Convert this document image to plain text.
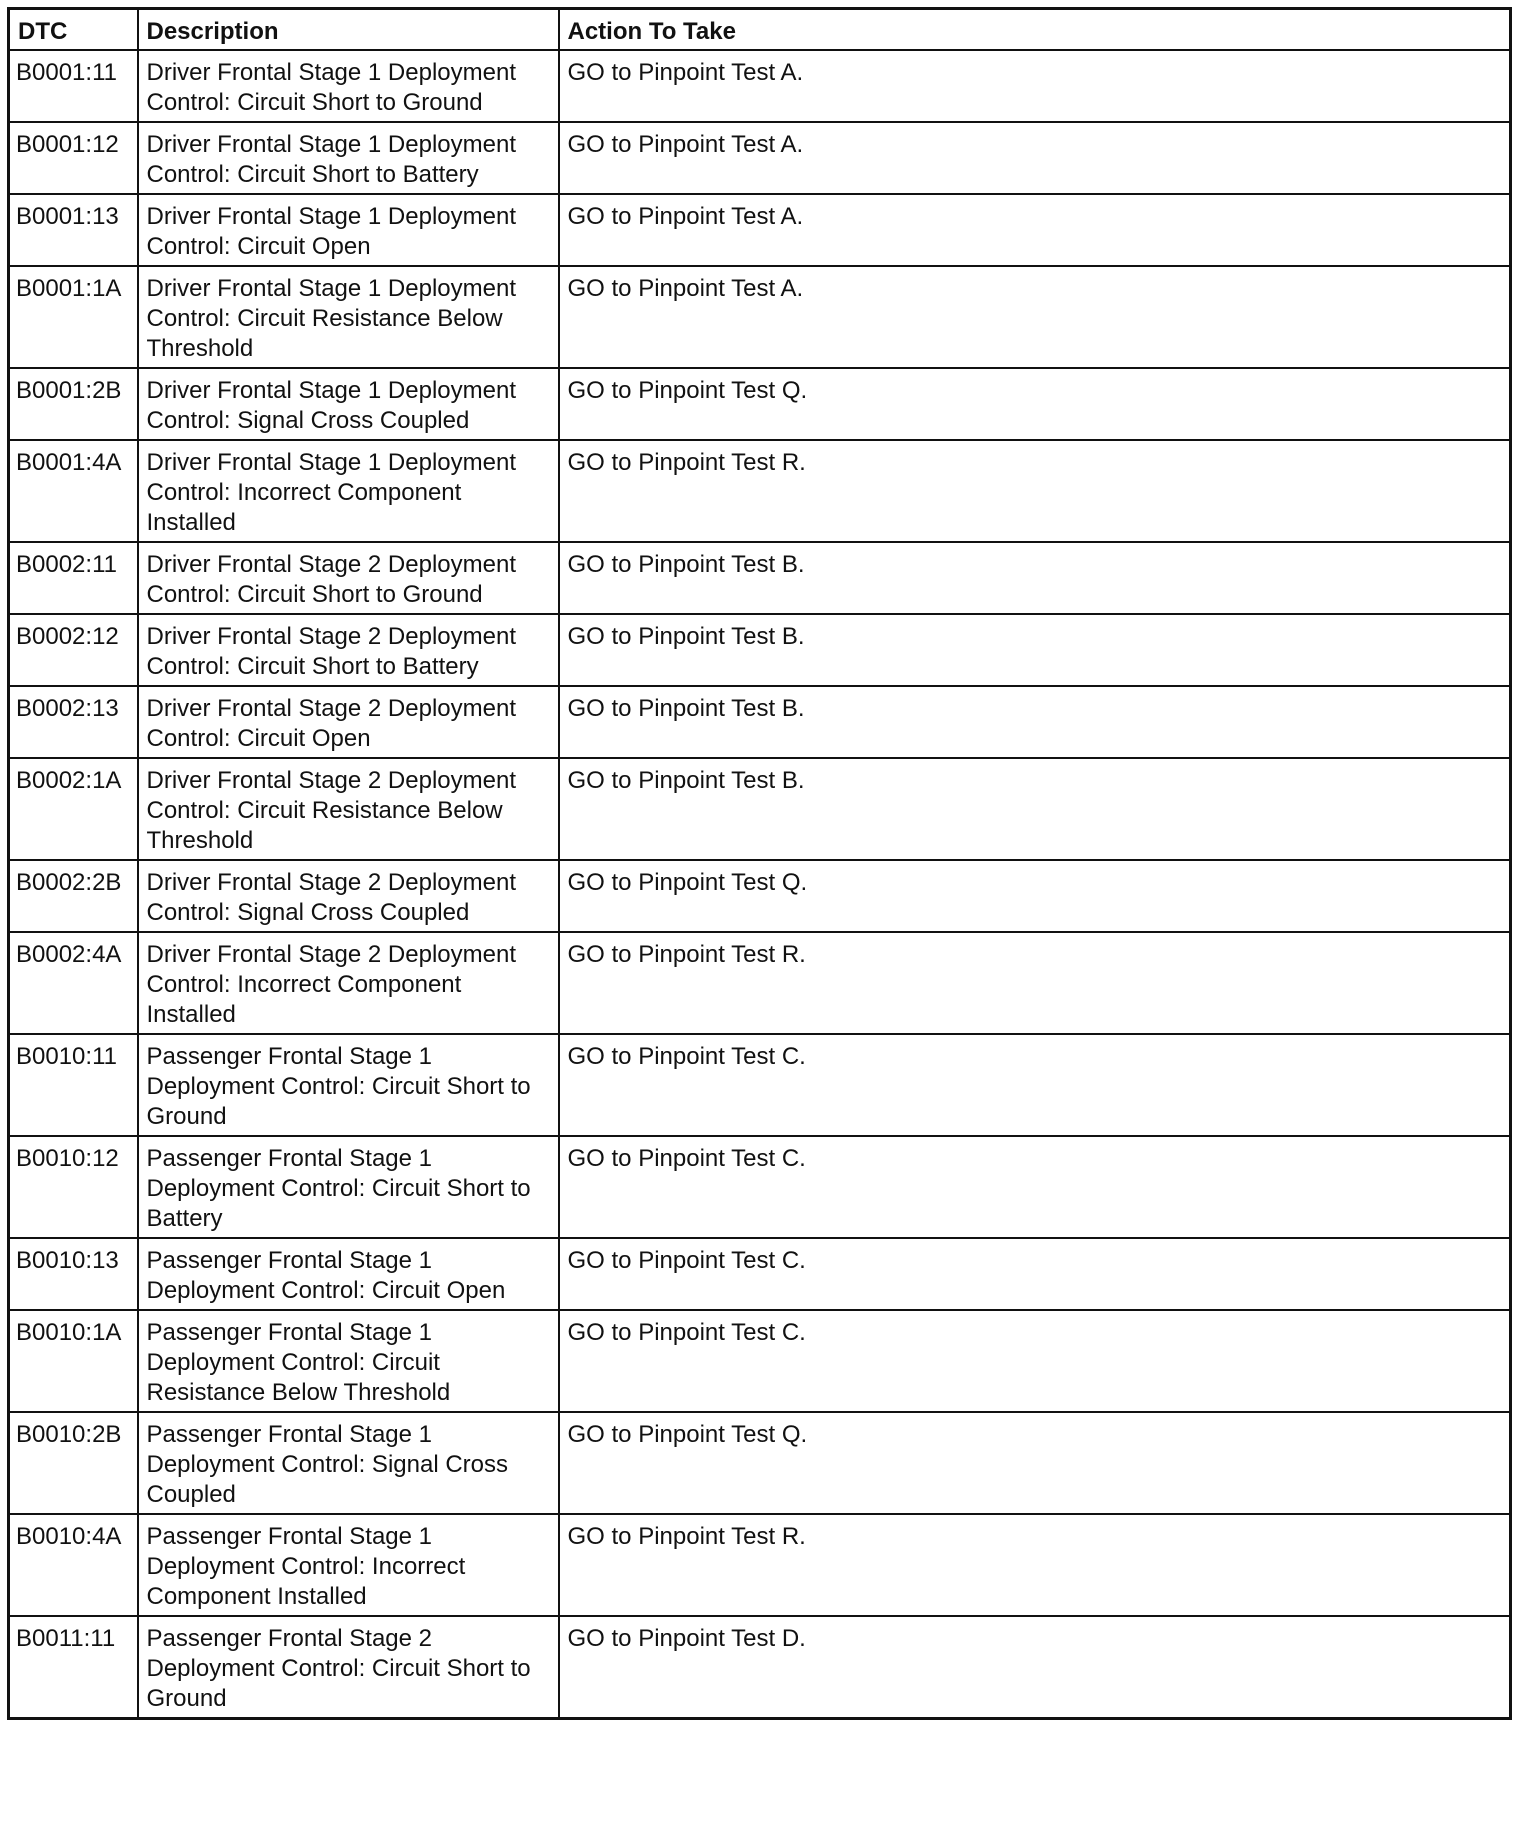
DTC	Description	Action To Take
B0001:11	Driver Frontal Stage 1 Deployment Control: Circuit Short to Ground	GO to Pinpoint Test A.
B0001:12	Driver Frontal Stage 1 Deployment Control: Circuit Short to Battery	GO to Pinpoint Test A.
B0001:13	Driver Frontal Stage 1 Deployment Control: Circuit Open	GO to Pinpoint Test A.
B0001:1A	Driver Frontal Stage 1 Deployment Control: Circuit Resistance Below Threshold	GO to Pinpoint Test A.
B0001:2B	Driver Frontal Stage 1 Deployment Control: Signal Cross Coupled	GO to Pinpoint Test Q.
B0001:4A	Driver Frontal Stage 1 Deployment Control: Incorrect Component Installed	GO to Pinpoint Test R.
B0002:11	Driver Frontal Stage 2 Deployment Control: Circuit Short to Ground	GO to Pinpoint Test B.
B0002:12	Driver Frontal Stage 2 Deployment Control: Circuit Short to Battery	GO to Pinpoint Test B.
B0002:13	Driver Frontal Stage 2 Deployment Control: Circuit Open	GO to Pinpoint Test B.
B0002:1A	Driver Frontal Stage 2 Deployment Control: Circuit Resistance Below Threshold	GO to Pinpoint Test B.
B0002:2B	Driver Frontal Stage 2 Deployment Control: Signal Cross Coupled	GO to Pinpoint Test Q.
B0002:4A	Driver Frontal Stage 2 Deployment Control: Incorrect Component Installed	GO to Pinpoint Test R.
B0010:11	Passenger Frontal Stage 1 Deployment Control: Circuit Short to Ground	GO to Pinpoint Test C.
B0010:12	Passenger Frontal Stage 1 Deployment Control: Circuit Short to Battery	GO to Pinpoint Test C.
B0010:13	Passenger Frontal Stage 1 Deployment Control: Circuit Open	GO to Pinpoint Test C.
B0010:1A	Passenger Frontal Stage 1 Deployment Control: Circuit Resistance Below Threshold	GO to Pinpoint Test C.
B0010:2B	Passenger Frontal Stage 1 Deployment Control: Signal Cross Coupled	GO to Pinpoint Test Q.
B0010:4A	Passenger Frontal Stage 1 Deployment Control: Incorrect Component Installed	GO to Pinpoint Test R.
B0011:11	Passenger Frontal Stage 2 Deployment Control: Circuit Short to Ground	GO to Pinpoint Test D.
